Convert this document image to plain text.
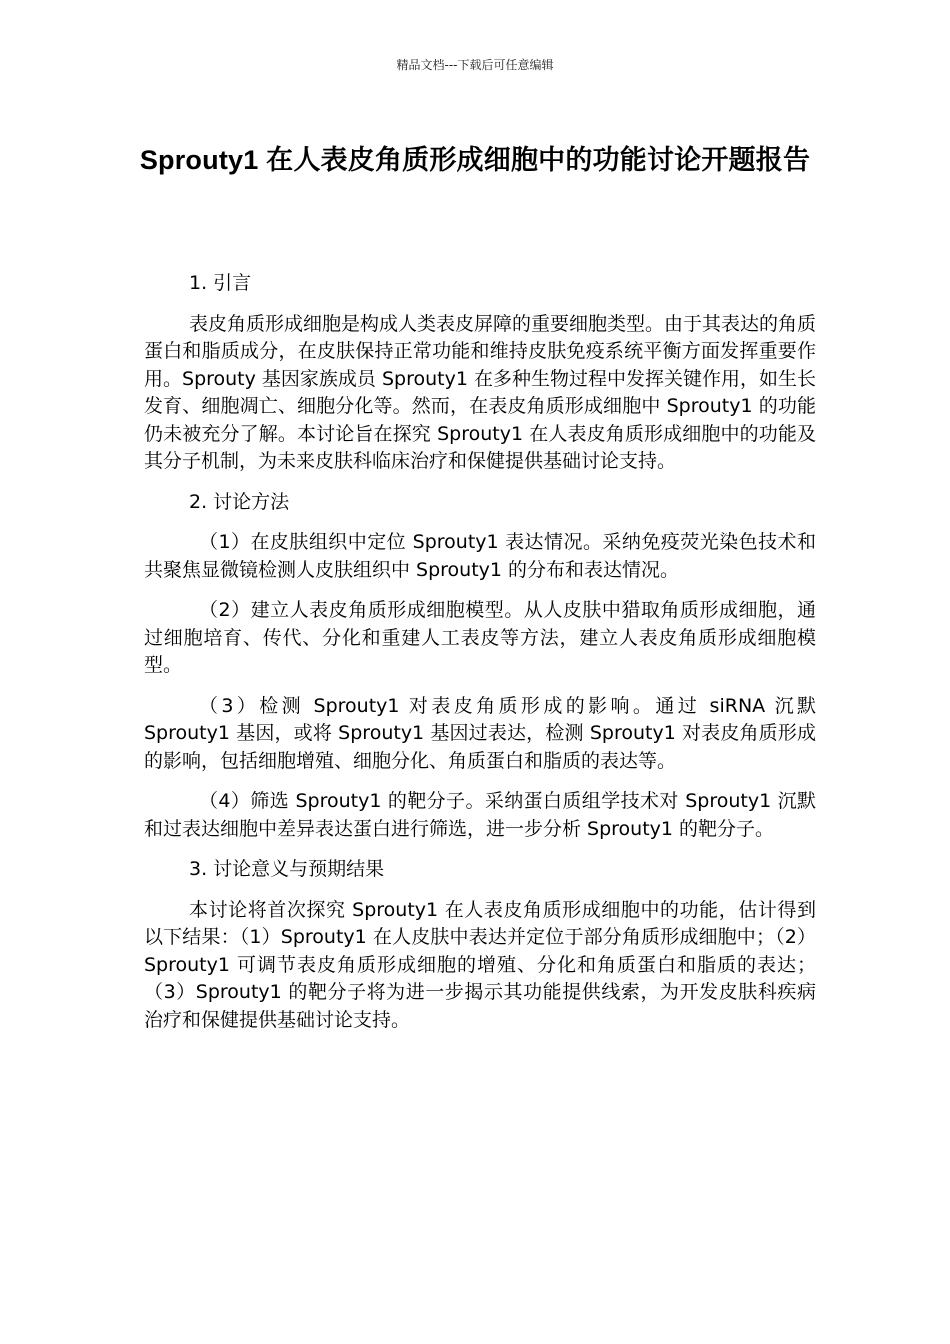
精品文档---下载后可任意编辑
Sprouty1 在人表皮角质形成细胞中的功能讨论开题报告

1. 引言

表皮角质形成细胞是构成人类表皮屏障的重要细胞类型。由于其表达的角质蛋白和脂质成分，在皮肤保持正常功能和维持皮肤免疫系统平衡方面发挥重要作用。Sprouty 基因家族成员 Sprouty1 在多种生物过程中发挥关键作用，如生长发育、细胞凋亡、细胞分化等。然而，在表皮角质形成细胞中 Sprouty1 的功能仍未被充分了解。本讨论旨在探究 Sprouty1 在人表皮角质形成细胞中的功能及其分子机制，为未来皮肤科临床治疗和保健提供基础讨论支持。

2. 讨论方法

（1）在皮肤组织中定位 Sprouty1 表达情况。采纳免疫荧光染色技术和共聚焦显微镜检测人皮肤组织中 Sprouty1 的分布和表达情况。

（2）建立人表皮角质形成细胞模型。从人皮肤中猎取角质形成细胞，通过细胞培育、传代、分化和重建人工表皮等方法，建立人表皮角质形成细胞模型。

（3）检测 Sprouty1 对表皮角质形成的影响。通过 siRNA 沉默 Sprouty1 基因，或将 Sprouty1 基因过表达，检测 Sprouty1 对表皮角质形成的影响，包括细胞增殖、细胞分化、角质蛋白和脂质的表达等。

（4）筛选 Sprouty1 的靶分子。采纳蛋白质组学技术对 Sprouty1 沉默和过表达细胞中差异表达蛋白进行筛选，进一步分析 Sprouty1 的靶分子。

3. 讨论意义与预期结果

本讨论将首次探究 Sprouty1 在人表皮角质形成细胞中的功能，估计得到以下结果：（1）Sprouty1 在人皮肤中表达并定位于部分角质形成细胞中；（2）Sprouty1 可调节表皮角质形成细胞的增殖、分化和角质蛋白和脂质的表达；（3）Sprouty1 的靶分子将为进一步揭示其功能提供线索，为开发皮肤科疾病治疗和保健提供基础讨论支持。
